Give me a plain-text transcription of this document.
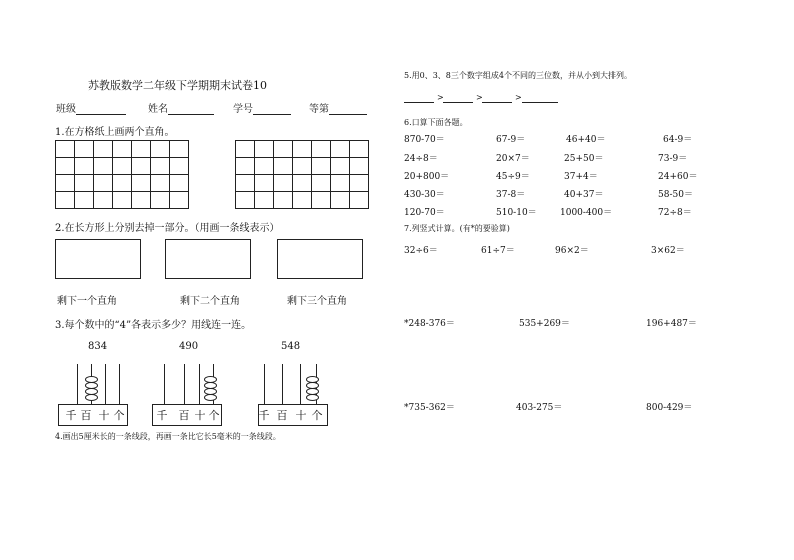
苏教版数学二年级下学期期末试卷10
班级	姓名	学号	等第
1.在方格纸上画两个直角。

2.在长方形上分别去掉一部分。（用画一条线表示）
剩下一个直角	剩下二个直角	剩下三个直角
3.每个数中的“4”各表示多少？用线连一连。
834	490	548
千 百 十 个	千 百 十 个	千 百 十 个
4.画出5厘米长的一条线段，再画一条比它长5毫米的一条线段。
5.用0、3、8三个数字组成4个不同的三位数，并从小到大排列。
>	>	>
6.口算下面各题。
870-70＝	67-9＝	46+40＝	64-9＝
24÷8＝	20×7＝	25+50＝	73-9＝
20+800＝	45÷9＝	37+4＝	24+60＝
430-30＝	37-8＝	40+37＝	58-50＝
120-70＝	510-10＝	1000-400＝	72÷8＝
7.列竖式计算。(有*的要验算)
32÷6＝	61÷7＝	96×2＝	3×62＝
*248-376＝	535+269＝	196+487＝
*735-362＝	403-275＝	800-429＝
